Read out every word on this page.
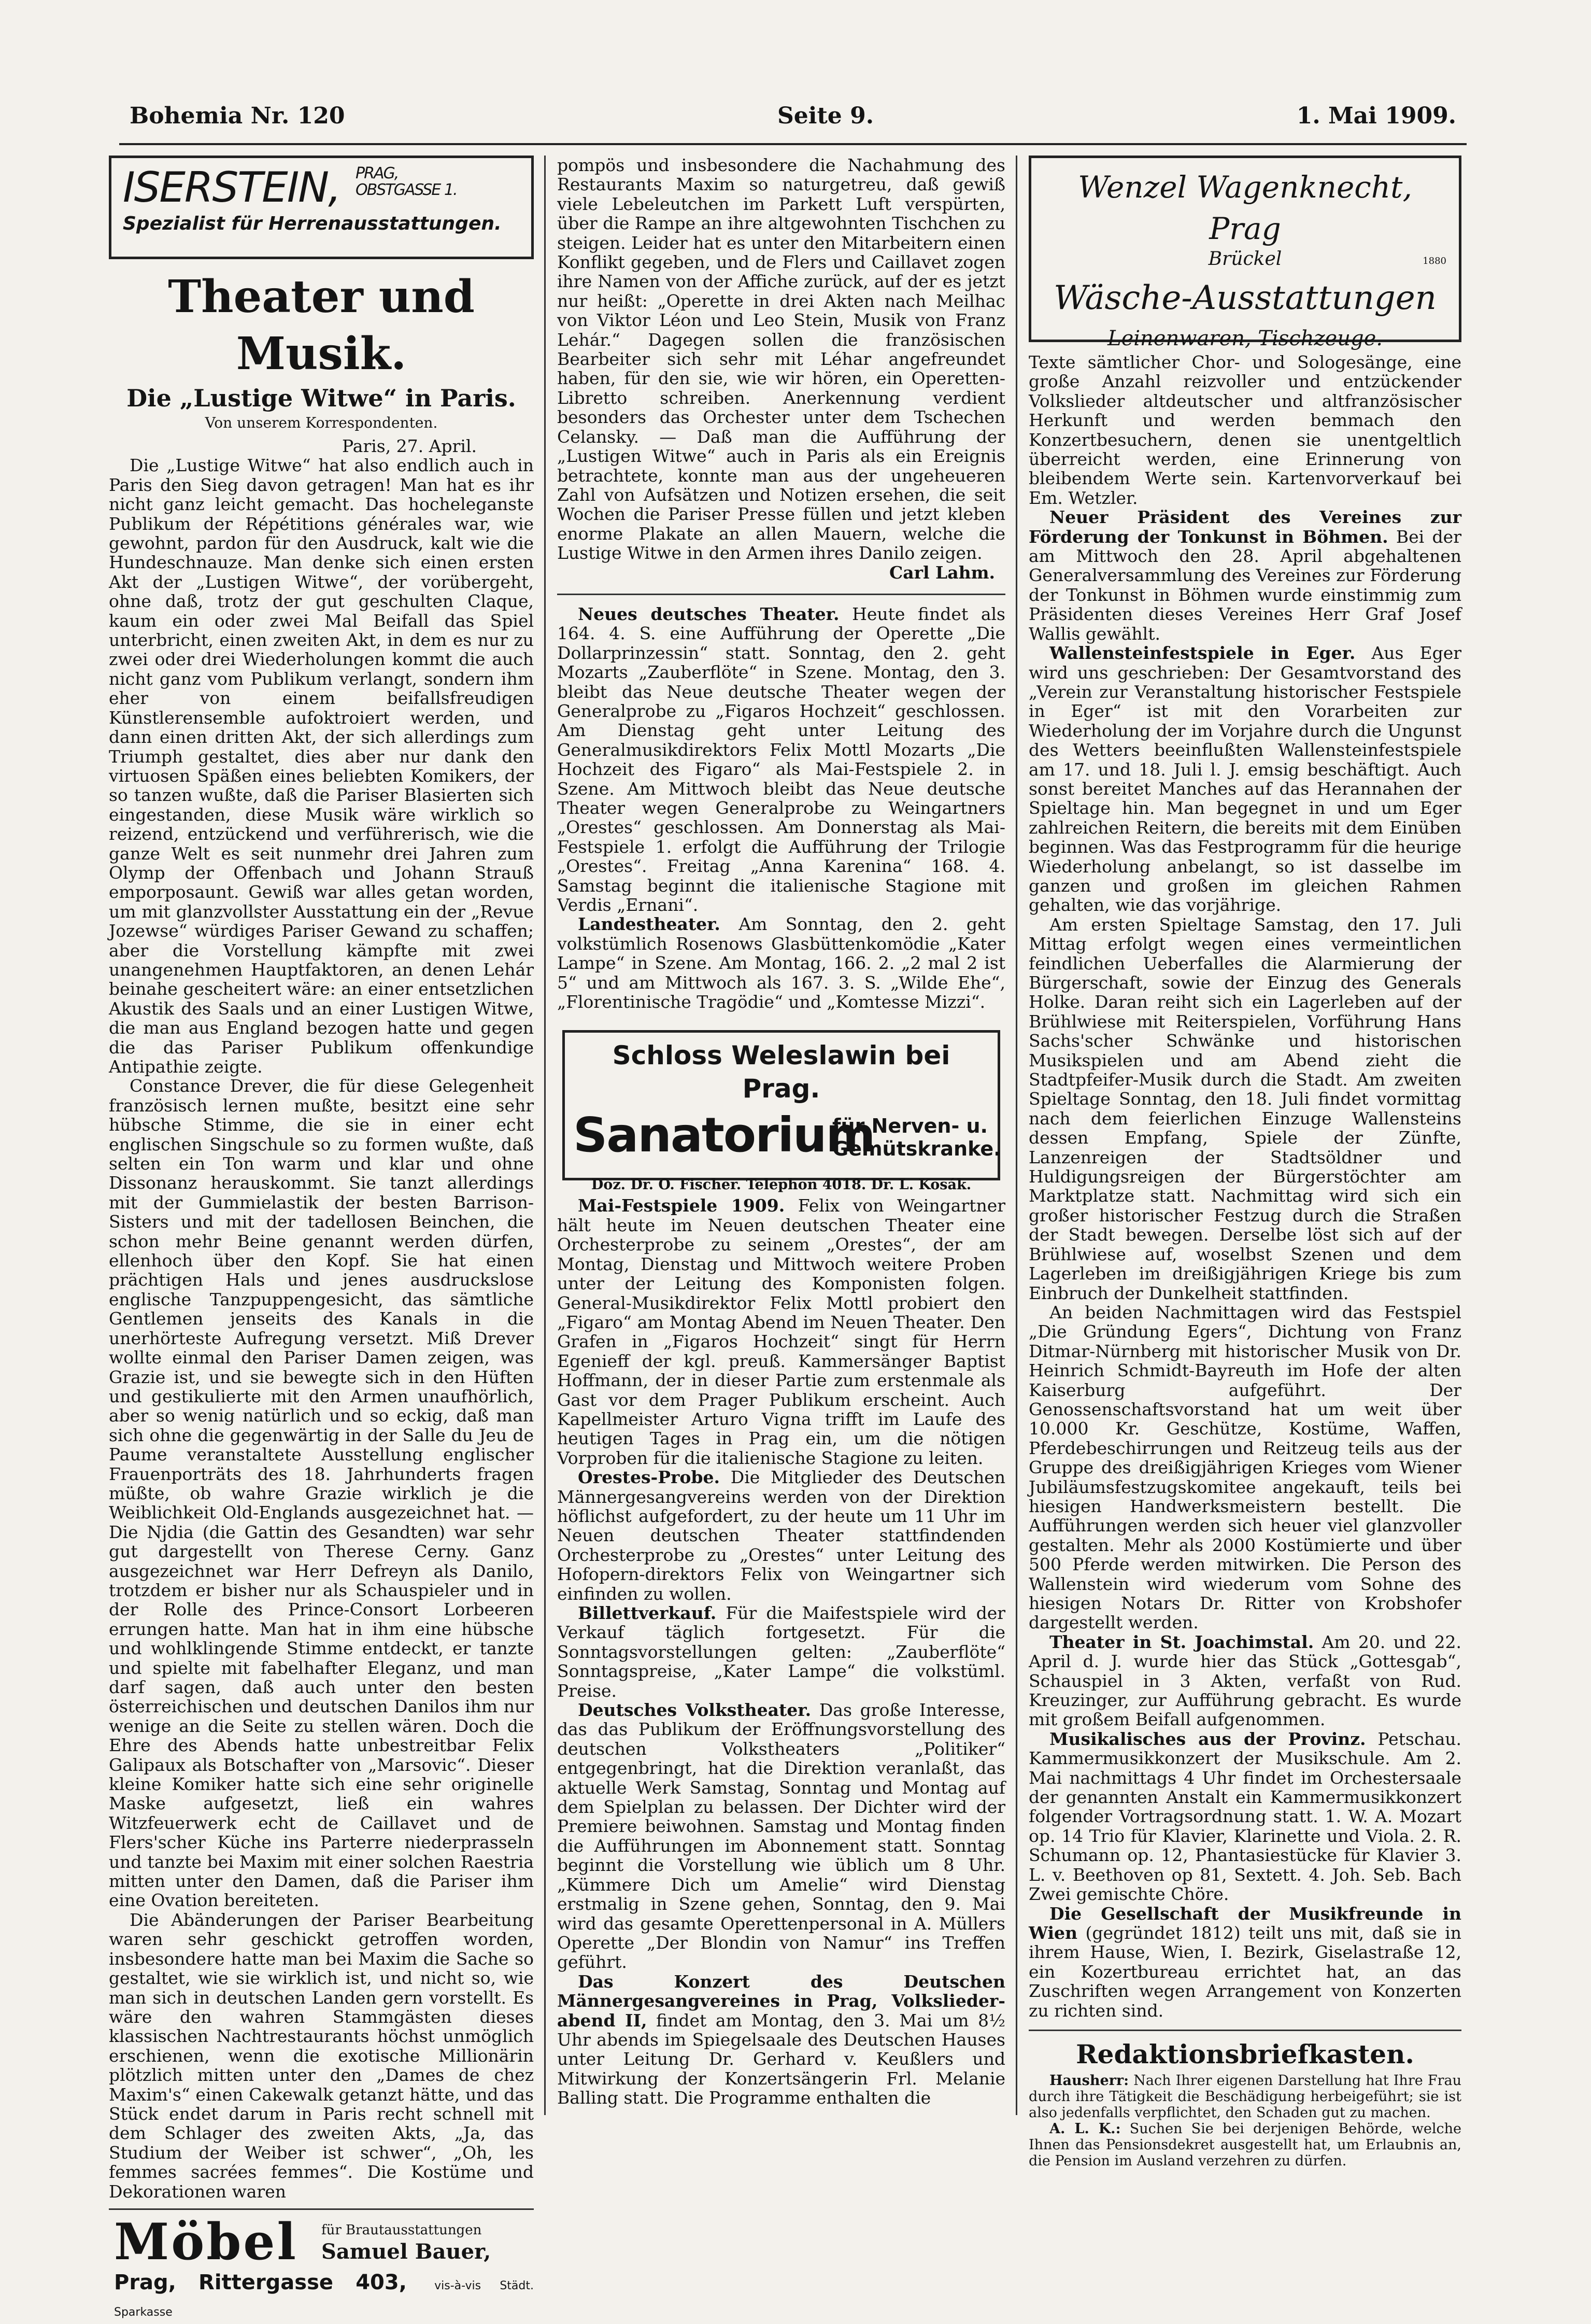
Bohemia Nr. 120	Seite 9.	1. Mai 1909.
ISERSTEIN, PRAG,
OBSTGASSE 1.
Spezialist für Herrenausstattungen.
Theater und Musik.
Die „Lustige Witwe“ in Paris.
Von unserem Korrespondenten.
Paris, 27. April.

Die „Lustige Witwe“ hat also endlich auch in Paris den Sieg davon getragen! Man hat es ihr nicht ganz leicht gemacht. Das hocheleganste Publikum der Répétitions générales war, wie gewohnt, pardon für den Ausdruck, kalt wie die Hundeschnauze. Man denke sich einen ersten Akt der „Lustigen Witwe“, der vorübergeht, ohne daß, trotz der gut geschulten Claque, kaum ein oder zwei Mal Beifall das Spiel unterbricht, einen zweiten Akt, in dem es nur zu zwei oder drei Wiederholungen kommt die auch nicht ganz vom Publikum verlangt, sondern ihm eher von einem beifallsfreudigen Künstlerensemble aufoktroiert werden, und dann einen dritten Akt, der sich allerdings zum Triumph gestaltet, dies aber nur dank den virtuosen Späßen eines beliebten Komikers, der so tanzen wußte, daß die Pariser Blasierten sich eingestanden, diese Musik wäre wirklich so reizend, entzückend und verführerisch, wie die ganze Welt es seit nunmehr drei Jahren zum Olymp der Offenbach und Johann Strauß emporposaunt. Gewiß war alles getan worden, um mit glanzvollster Ausstattung ein der „Revue Jozewse“ würdiges Pariser Gewand zu schaffen; aber die Vorstellung kämpfte mit zwei unangenehmen Hauptfaktoren, an denen Lehár beinahe gescheitert wäre: an einer entsetzlichen Akustik des Saals und an einer Lustigen Witwe, die man aus England bezogen hatte und gegen die das Pariser Publikum offenkundige Antipathie zeigte.

Constance Drever, die für diese Gelegenheit französisch lernen mußte, besitzt eine sehr hübsche Stimme, die sie in einer echt englischen Singschule so zu formen wußte, daß selten ein Ton warm und klar und ohne Dissonanz herauskommt. Sie tanzt allerdings mit der Gummielastik der besten Barrison-Sisters und mit der tadellosen Beinchen, die schon mehr Beine genannt werden dürfen, ellenhoch über den Kopf. Sie hat einen prächtigen Hals und jenes ausdruckslose englische Tanzpuppengesicht, das sämtliche Gentlemen jenseits des Kanals in die unerhörteste Aufregung versetzt. Miß Drever wollte einmal den Pariser Damen zeigen, was Grazie ist, und sie bewegte sich in den Hüften und gestikulierte mit den Armen unaufhörlich, aber so wenig natürlich und so eckig, daß man sich ohne die gegenwärtig in der Salle du Jeu de Paume veranstaltete Ausstellung englischer Frauenporträts des 18. Jahrhunderts fragen müßte, ob wahre Grazie wirklich je die Weiblichkeit Old-Englands ausgezeichnet hat. — Die Njdia (die Gattin des Gesandten) war sehr gut dargestellt von Therese Cerny. Ganz ausgezeichnet war Herr Defreyn als Danilo, trotzdem er bisher nur als Schauspieler und in der Rolle des Prince-Consort Lorbeeren errungen hatte. Man hat in ihm eine hübsche und wohlklingende Stimme entdeckt, er tanzte und spielte mit fabelhafter Eleganz, und man darf sagen, daß auch unter den besten österreichischen und deutschen Danilos ihm nur wenige an die Seite zu stellen wären. Doch die Ehre des Abends hatte unbestreitbar Felix Galipaux als Botschafter von „Marsovic“. Dieser kleine Komiker hatte sich eine sehr originelle Maske aufgesetzt, ließ ein wahres Witzfeuerwerk echt de Caillavet und de Flers'scher Küche ins Parterre niederprasseln und tanzte bei Maxim mit einer solchen Raestria mitten unter den Damen, daß die Pariser ihm eine Ovation bereiteten.

Die Abänderungen der Pariser Bearbeitung waren sehr geschickt getroffen worden, insbesondere hatte man bei Maxim die Sache so gestaltet, wie sie wirklich ist, und nicht so, wie man sich in deutschen Landen gern vorstellt. Es wäre den wahren Stammgästen dieses klassischen Nachtrestaurants höchst unmöglich erschienen, wenn die exotische Millionärin plötzlich mitten unter den „Dames de chez Maxim's“ einen Cakewalk getanzt hätte, und das Stück endet darum in Paris recht schnell mit dem Schlager des zweiten Akts, „Ja, das Studium der Weiber ist schwer“, „Oh, les femmes sacrées femmes“. Die Kostüme und Dekorationen waren

Möbel für Brautausstattungen
Samuel Bauer,
Prag, Rittergasse 403, vis-à-vis Städt. Sparkasse

pompös und insbesondere die Nachahmung des Restaurants Maxim so naturgetreu, daß gewiß viele Lebeleutchen im Parkett Luft verspürten, über die Rampe an ihre altgewohnten Tischchen zu steigen. Leider hat es unter den Mitarbeitern einen Konflikt gegeben, und de Flers und Caillavet zogen ihre Namen von der Affiche zurück, auf der es jetzt nur heißt: „Operette in drei Akten nach Meilhac von Viktor Léon und Leo Stein, Musik von Franz Lehár.“ Dagegen sollen die französischen Bearbeiter sich sehr mit Léhar angefreundet haben, für den sie, wie wir hören, ein Operetten-Libretto schreiben. Anerkennung verdient besonders das Orchester unter dem Tschechen Celansky. — Daß man die Aufführung der „Lustigen Witwe“ auch in Paris als ein Ereignis betrachtete, konnte man aus der ungeheueren Zahl von Aufsätzen und Notizen ersehen, die seit Wochen die Pariser Presse füllen und jetzt kleben enorme Plakate an allen Mauern, welche die Lustige Witwe in den Armen ihres Danilo zeigen.

Carl Lahm.

Neues deutsches Theater. Heute findet als 164. 4. S. eine Aufführung der Operette „Die Dollarprinzessin“ statt. Sonntag, den 2. geht Mozarts „Zauberflöte“ in Szene. Montag, den 3. bleibt das Neue deutsche Theater wegen der Generalprobe zu „Figaros Hochzeit“ geschlossen. Am Dienstag geht unter Leitung des Generalmusikdirektors Felix Mottl Mozarts „Die Hochzeit des Figaro“ als Mai-Festspiele 2. in Szene. Am Mittwoch bleibt das Neue deutsche Theater wegen Generalprobe zu Weingartners „Orestes“ geschlossen. Am Donnerstag als Mai-Festspiele 1. erfolgt die Aufführung der Trilogie „Orestes“. Freitag „Anna Karenina“ 168. 4. Samstag beginnt die italienische Stagione mit Verdis „Ernani“.

Landestheater. Am Sonntag, den 2. geht volkstümlich Rosenows Glasbüttenkomödie „Kater Lampe“ in Szene. Am Montag, 166. 2. „2 mal 2 ist 5“ und am Mittwoch als 167. 3. S. „Wilde Ehe“, „Florentinische Tragödie“ und „Komtesse Mizzi“.

Schloss Weleslawin bei Prag.
Sanatorium
für Nerven- u.
Gemütskranke.
Doz. Dr. O. Fischer. Telephon 4018. Dr. L. Kosák.

Mai-Festspiele 1909. Felix von Weingartner hält heute im Neuen deutschen Theater eine Orchesterprobe zu seinem „Orestes“, der am Montag, Dienstag und Mittwoch weitere Proben unter der Leitung des Komponisten folgen. General-Musikdirektor Felix Mottl probiert den „Figaro“ am Montag Abend im Neuen Theater. Den Grafen in „Figaros Hochzeit“ singt für Herrn Egenieff der kgl. preuß. Kammersänger Baptist Hoffmann, der in dieser Partie zum erstenmale als Gast vor dem Prager Publikum erscheint. Auch Kapellmeister Arturo Vigna trifft im Laufe des heutigen Tages in Prag ein, um die nötigen Vorproben für die italienische Stagione zu leiten.

Orestes-Probe. Die Mitglieder des Deutschen Männergesangvereins werden von der Direktion höflichst aufgefordert, zu der heute um 11 Uhr im Neuen deutschen Theater stattfindenden Orchesterprobe zu „Orestes“ unter Leitung des Hofopern-direktors Felix von Weingartner sich einfinden zu wollen.

Billettverkauf. Für die Maifestspiele wird der Verkauf täglich fortgesetzt. Für die Sonntagsvorstellungen gelten: „Zauberflöte“ Sonntagspreise, „Kater Lampe“ die volkstüml. Preise.

Deutsches Volkstheater. Das große Interesse, das das Publikum der Eröffnungsvorstellung des deutschen Volkstheaters „Politiker“ entgegenbringt, hat die Direktion veranlaßt, das aktuelle Werk Samstag, Sonntag und Montag auf dem Spielplan zu belassen. Der Dichter wird der Premiere beiwohnen. Samstag und Montag finden die Aufführungen im Abonnement statt. Sonntag beginnt die Vorstellung wie üblich um 8 Uhr. „Kümmere Dich um Amelie“ wird Dienstag erstmalig in Szene gehen, Sonntag, den 9. Mai wird das gesamte Operettenpersonal in A. Müllers Operette „Der Blondin von Namur“ ins Treffen geführt.

Das Konzert des Deutschen Männergesangvereines in Prag, Volkslieder-abend II, findet am Montag, den 3. Mai um 8½ Uhr abends im Spiegelsaale des Deutschen Hauses unter Leitung Dr. Gerhard v. Keußlers und Mitwirkung der Konzertsängerin Frl. Melanie Balling statt. Die Programme enthalten die

Wenzel Wagenknecht, Prag
Brückel	1880
Wäsche-Ausstattungen
Leinenwaren, Tischzeuge.

Texte sämtlicher Chor- und Sologesänge, eine große Anzahl reizvoller und entzückender Volkslieder altdeutscher und altfranzösischer Herkunft und werden bemmach den Konzertbesuchern, denen sie unentgeltlich überreicht werden, eine Erinnerung von bleibendem Werte sein. Kartenvorverkauf bei Em. Wetzler.

Neuer Präsident des Vereines zur Förderung der Tonkunst in Böhmen. Bei der am Mittwoch den 28. April abgehaltenen Generalversammlung des Vereines zur Förderung der Tonkunst in Böhmen wurde einstimmig zum Präsidenten dieses Vereines Herr Graf Josef Wallis gewählt.

Wallensteinfestspiele in Eger. Aus Eger wird uns geschrieben: Der Gesamtvorstand des „Verein zur Veranstaltung historischer Festspiele in Eger“ ist mit den Vorarbeiten zur Wiederholung der im Vorjahre durch die Ungunst des Wetters beeinflußten Wallensteinfestspiele am 17. und 18. Juli l. J. emsig beschäftigt. Auch sonst bereitet Manches auf das Herannahen der Spieltage hin. Man begegnet in und um Eger zahlreichen Reitern, die bereits mit dem Einüben beginnen. Was das Festprogramm für die heurige Wiederholung anbelangt, so ist dasselbe im ganzen und großen im gleichen Rahmen gehalten, wie das vorjährige.

Am ersten Spieltage Samstag, den 17. Juli Mittag erfolgt wegen eines vermeintlichen feindlichen Ueberfalles die Alarmierung der Bürgerschaft, sowie der Einzug des Generals Holke. Daran reiht sich ein Lagerleben auf der Brühlwiese mit Reiterspielen, Vorführung Hans Sachs'scher Schwänke und historischen Musikspielen und am Abend zieht die Stadtpfeifer-Musik durch die Stadt. Am zweiten Spieltage Sonntag, den 18. Juli findet vormittag nach dem feierlichen Einzuge Wallensteins dessen Empfang, Spiele der Zünfte, Lanzenreigen der Stadtsöldner und Huldigungsreigen der Bürgerstöchter am Marktplatze statt. Nachmittag wird sich ein großer historischer Festzug durch die Straßen der Stadt bewegen. Derselbe löst sich auf der Brühlwiese auf, woselbst Szenen und dem Lagerleben im dreißigjährigen Kriege bis zum Einbruch der Dunkelheit stattfinden.

An beiden Nachmittagen wird das Festspiel „Die Gründung Egers“, Dichtung von Franz Ditmar-Nürnberg mit historischer Musik von Dr. Heinrich Schmidt-Bayreuth im Hofe der alten Kaiserburg aufgeführt. Der Genossenschaftsvorstand hat um weit über 10.000 Kr. Geschütze, Kostüme, Waffen, Pferdebeschirrungen und Reitzeug teils aus der Gruppe des dreißigjährigen Krieges vom Wiener Jubiläumsfestzugskomitee angekauft, teils bei hiesigen Handwerksmeistern bestellt. Die Aufführungen werden sich heuer viel glanzvoller gestalten. Mehr als 2000 Kostümierte und über 500 Pferde werden mitwirken. Die Person des Wallenstein wird wiederum vom Sohne des hiesigen Notars Dr. Ritter von Krobshofer dargestellt werden.

Theater in St. Joachimstal. Am 20. und 22. April d. J. wurde hier das Stück „Gottesgab“, Schauspiel in 3 Akten, verfaßt von Rud. Kreuzinger, zur Aufführung gebracht. Es wurde mit großem Beifall aufgenommen.

Musikalisches aus der Provinz. Petschau. Kammermusikkonzert der Musikschule. Am 2. Mai nachmittags 4 Uhr findet im Orchestersaale der genannten Anstalt ein Kammermusikkonzert folgender Vortragsordnung statt. 1. W. A. Mozart op. 14 Trio für Klavier, Klarinette und Viola. 2. R. Schumann op. 12, Phantasiestücke für Klavier 3. L. v. Beethoven op 81, Sextett. 4. Joh. Seb. Bach Zwei gemischte Chöre.

Die Gesellschaft der Musikfreunde in Wien (gegründet 1812) teilt uns mit, daß sie in ihrem Hause, Wien, I. Bezirk, Giselastraße 12, ein Kozertbureau errichtet hat, an das Zuschriften wegen Arrangement von Konzerten zu richten sind.

Redaktionsbriefkasten.

Hausherr: Nach Ihrer eigenen Darstellung hat Ihre Frau durch ihre Tätigkeit die Beschädigung herbeigeführt; sie ist also jedenfalls verpflichtet, den Schaden gut zu machen.

A. L. K.: Suchen Sie bei derjenigen Behörde, welche Ihnen das Pensionsdekret ausgestellt hat, um Erlaubnis an, die Pension im Ausland verzehren zu dürfen.
